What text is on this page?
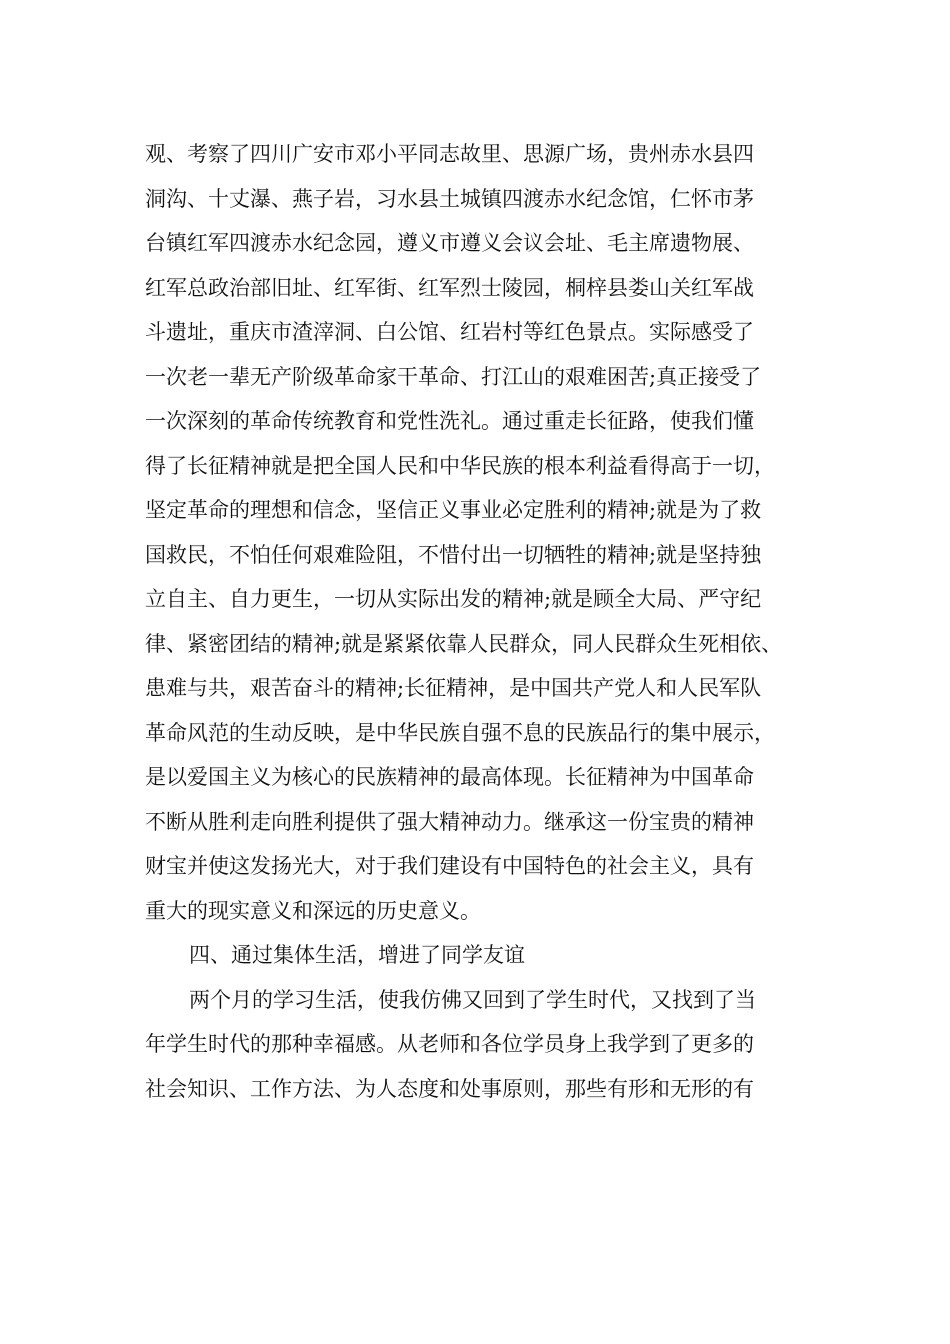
观、考察了四川广安市邓小平同志故里、思源广场，贵州赤水县四
洞沟、十丈瀑、燕子岩，习水县土城镇四渡赤水纪念馆，仁怀市茅
台镇红军四渡赤水纪念园，遵义市遵义会议会址、毛主席遗物展、
红军总政治部旧址、红军街、红军烈士陵园，桐梓县娄山关红军战
斗遗址，重庆市渣滓洞、白公馆、红岩村等红色景点。实际感受了
一次老一辈无产阶级革命家干革命、打江山的艰难困苦;真正接受了
一次深刻的革命传统教育和党性洗礼。通过重走长征路，使我们懂
得了长征精神就是把全国人民和中华民族的根本利益看得高于一切，
坚定革命的理想和信念，坚信正义事业必定胜利的精神;就是为了救
国救民，不怕任何艰难险阻，不惜付出一切牺牲的精神;就是坚持独
立自主、自力更生，一切从实际出发的精神;就是顾全大局、严守纪
律、紧密团结的精神;就是紧紧依靠人民群众，同人民群众生死相依、
患难与共，艰苦奋斗的精神;长征精神，是中国共产党人和人民军队
革命风范的生动反映，是中华民族自强不息的民族品行的集中展示，
是以爱国主义为核心的民族精神的最高体现。长征精神为中国革命
不断从胜利走向胜利提供了强大精神动力。继承这一份宝贵的精神
财宝并使这发扬光大，对于我们建设有中国特色的社会主义，具有
重大的现实意义和深远的历史意义。
四、通过集体生活，增进了同学友谊
两个月的学习生活，使我仿佛又回到了学生时代，又找到了当
年学生时代的那种幸福感。从老师和各位学员身上我学到了更多的
社会知识、工作方法、为人态度和处事原则，那些有形和无形的有
